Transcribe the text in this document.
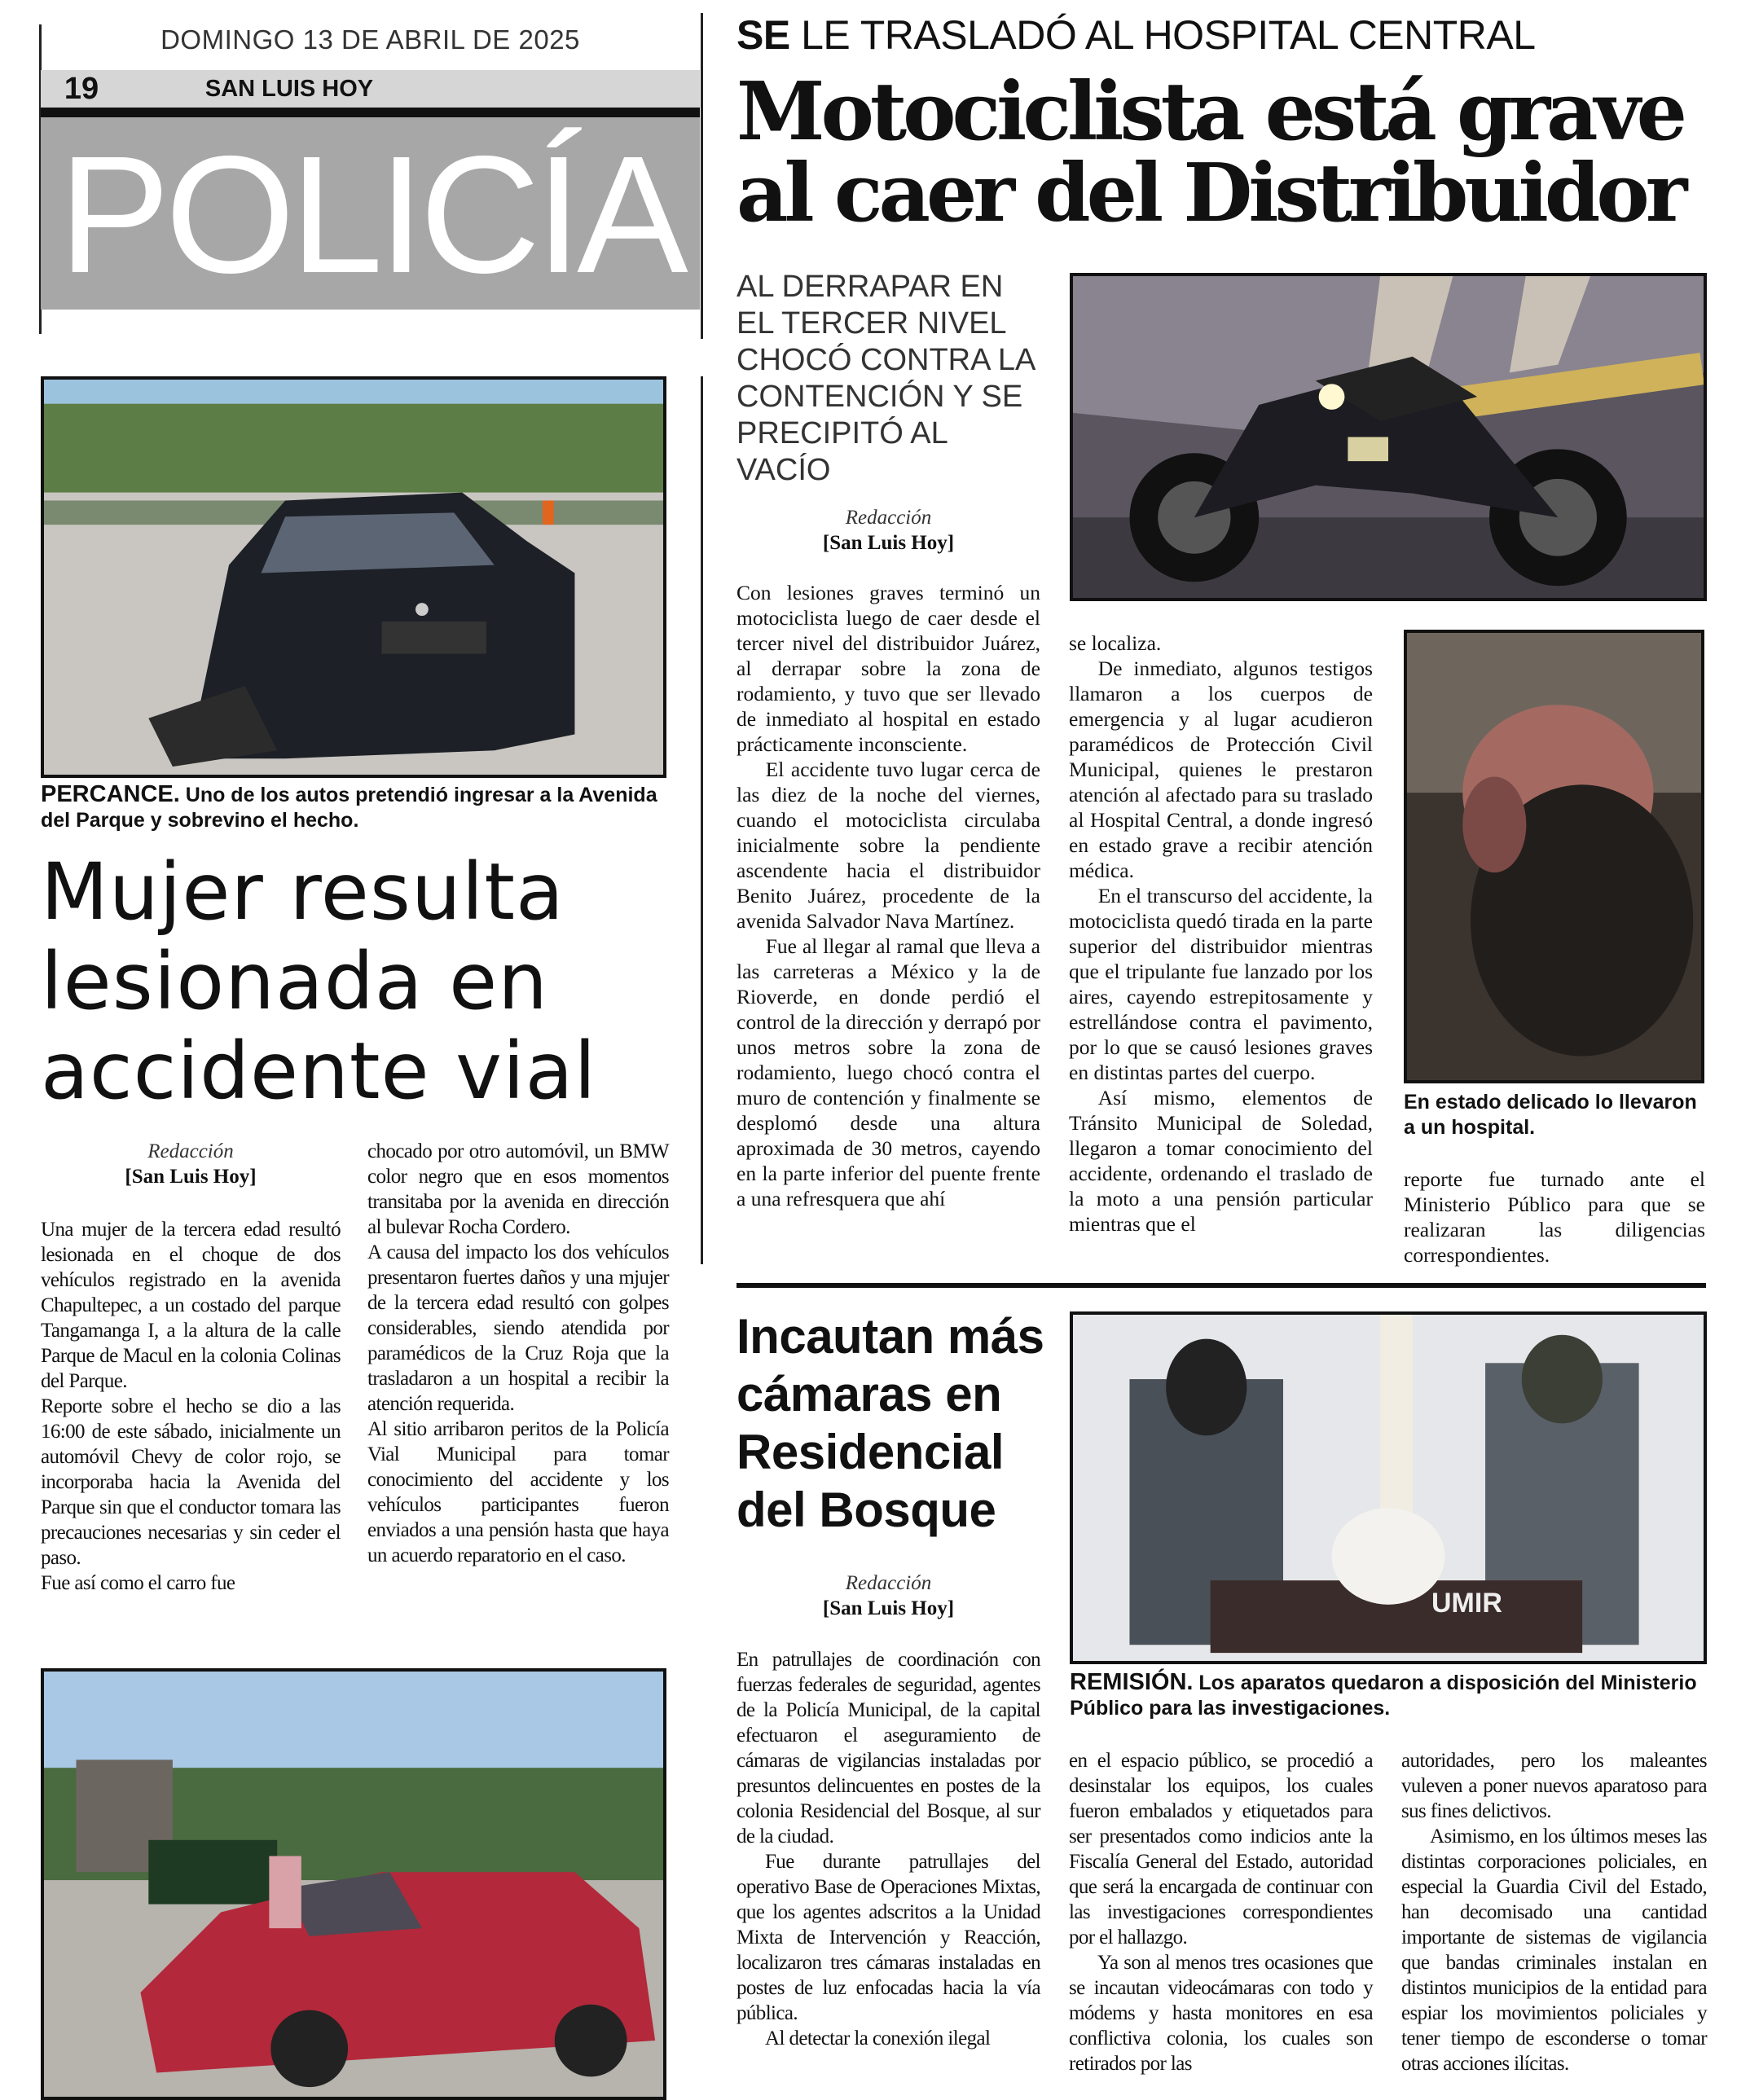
DOMINGO 13 DE ABRIL DE 2025
19	SAN LUIS HOY
POLICÍA
SE LE TRASLADÓ AL HOSPITAL CENTRAL
Motociclista está grave
al caer del Distribuidor
AL DERRAPAR EN EL TERCER NIVEL CHOCÓ CONTRA LA CONTENCIÓN Y SE PRECIPITÓ AL VACÍO
Redacción
[San Luis Hoy]

Con lesiones graves terminó un motociclista luego de caer desde el tercer nivel del distribuidor Juárez, al derrapar sobre la zona de rodamiento, y tuvo que ser llevado de inmediato al hospital en estado prácticamente inconsciente.

El accidente tuvo lugar cerca de las diez de la noche del viernes, cuando el motociclista circulaba inicialmente sobre la pendiente ascendente hacia el distribuidor Benito Juárez, procedente de la avenida Salvador Nava Martínez.

Fue al llegar al ramal que lleva a las carreteras a México y la de Rioverde, en donde perdió el control de la dirección y derrapó por unos metros sobre la zona de rodamiento, luego chocó contra el muro de contención y finalmente se desplomó desde una altura aproximada de 30 metros, cayendo en la parte inferior del puente frente a una refresquera que ahí

se localiza.

De inmediato, algunos testigos llamaron a los cuerpos de emergencia y al lugar acudieron paramédicos de Protección Civil Municipal, quienes le prestaron atención al afectado para su traslado al Hospital Central, a donde ingresó en estado grave a recibir atención médica.

En el transcurso del accidente, la motociclista quedó tirada en la parte superior del distribuidor mientras que el tripulante fue lanzado por los aires, cayendo estrepitosamente y estrellándose contra el pavimento, por lo que se causó lesiones graves en distintas partes del cuerpo.

Así mismo, elementos de Tránsito Municipal de Soledad, llegaron a tomar conocimiento del accidente, ordenando el traslado de la moto a una pensión particular mientras que el

En estado delicado lo llevaron a un hospital.

reporte fue turnado ante el Ministerio Público para que se realizaran las diligencias correspondientes.

PERCANCE. Uno de los autos pretendió ingresar a la Avenida del Parque y sobrevino el hecho.
Mujer resulta
lesionada en
accidente vial
Redacción
[San Luis Hoy]

Una mujer de la tercera edad resultó lesionada en el choque de dos vehículos registrado en la avenida Chapultepec, a un costado del parque Tangamanga I, a la altura de la calle Parque de Macul en la colonia Colinas del Parque.

Reporte sobre el hecho se dio a las 16:00 de este sábado, inicialmente un automóvil Chevy de color rojo, se incorporaba hacia la Avenida del Parque sin que el conductor tomara las precauciones necesarias y sin ceder el paso.

Fue así como el carro fue

chocado por otro automóvil, un BMW color negro que en esos momentos transitaba por la avenida en dirección al bulevar Rocha Cordero.

A causa del impacto los dos vehículos presentaron fuertes daños y una mjujer de la tercera edad resultó con golpes considerables, siendo atendida por paramédicos de la Cruz Roja que la trasladaron a un hospital a recibir la atención requerida.

Al sitio arribaron peritos de la Policía Vial Municipal para tomar conocimiento del accidente y los vehículos participantes fueron enviados a una pensión hasta que haya un acuerdo reparatorio en el caso.

Incautan más cámaras en Residencial del Bosque
Redacción
[San Luis Hoy]	UMIR
REMISIÓN. Los aparatos quedaron a disposición del Ministerio Público para las investigaciones.

En patrullajes de coordinación con fuerzas federales de seguridad, agentes de la Policía Municipal, de la capital efectuaron el aseguramiento de cámaras de vigilancias instaladas por presuntos delincuentes en postes de la colonia Residencial del Bosque, al sur de la ciudad.

Fue durante patrullajes del operativo Base de Operaciones Mixtas, que los agentes adscritos a la Unidad Mixta de Intervención y Reacción, localizaron tres cámaras instaladas en postes de luz enfocadas hacia la vía pública.

Al detectar la conexión ilegal

en el espacio público, se procedió a desinstalar los equipos, los cuales fueron embalados y etiquetados para ser presentados como indicios ante la Fiscalía General del Estado, autoridad que será la encargada de continuar con las investigaciones correspondientes por el hallazgo.

Ya son al menos tres ocasiones que se incautan videocámaras con todo y módems y hasta monitores en esa conflictiva colonia, los cuales son retirados por las

autoridades, pero los maleantes vuleven a poner nuevos aparatoso para sus fines delictivos.

Asimismo, en los últimos meses las distintas corporaciones policiales, en especial la Guardia Civil del Estado, han decomisado una cantidad importante de sistemas de vigilancia que bandas criminales instalan en distintos municipios de la entidad para espiar los movimientos policiales y tener tiempo de esconderse o tomar otras acciones ilícitas.
